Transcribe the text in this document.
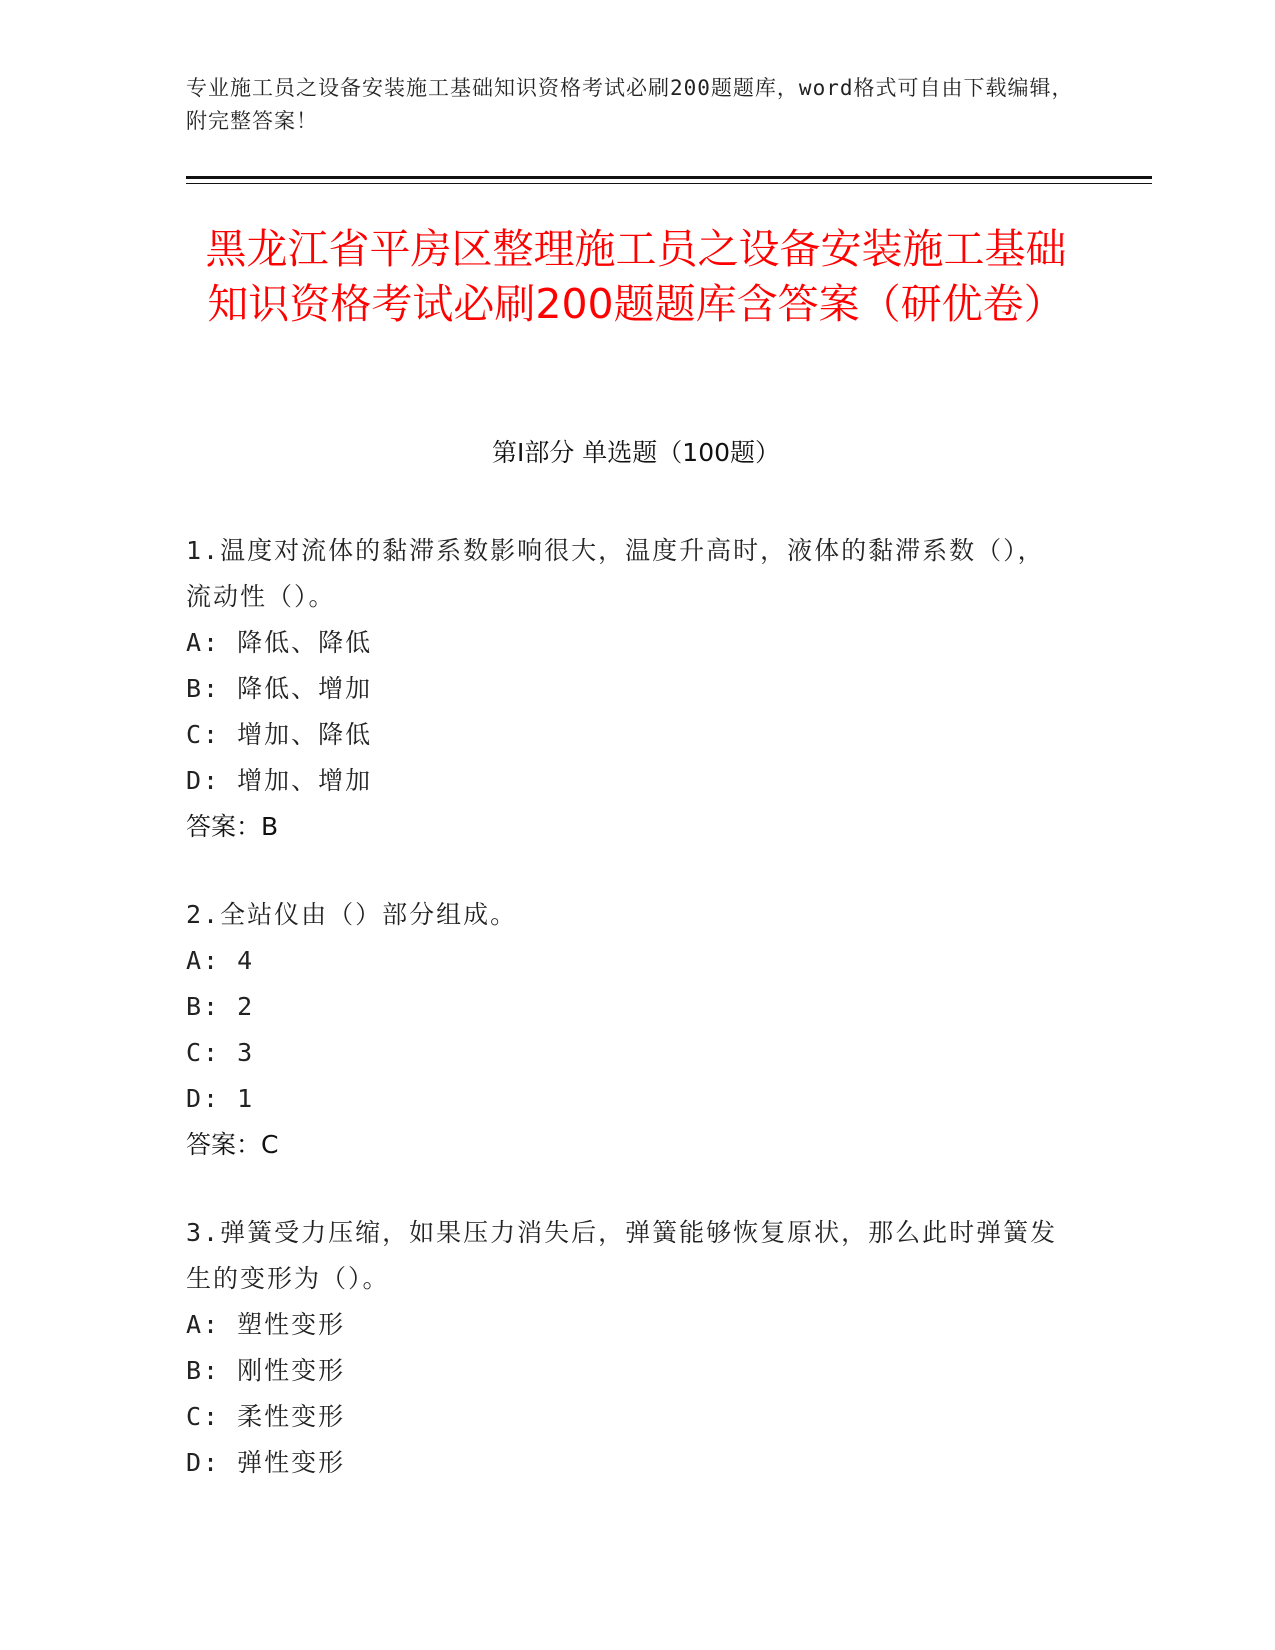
专业施工员之设备安装施工基础知识资格考试必刷200题题库，word格式可自由下载编辑，附完整答案！
黑龙江省平房区整理施工员之设备安装施工基础知识资格考试必刷200题题库含答案（研优卷）
第I部分 单选题（100题）
1.温度对流体的黏滞系数影响很大，温度升高时，液体的黏滞系数（），流动性（）。
A: 降低、降低
B: 降低、增加
C: 增加、降低
D: 增加、增加
答案：B
2.全站仪由（）部分组成。
A: 4
B: 2
C: 3
D: 1
答案：C
3.弹簧受力压缩，如果压力消失后，弹簧能够恢复原状，那么此时弹簧发生的变形为（）。
A: 塑性变形
B: 刚性变形
C: 柔性变形
D: 弹性变形
